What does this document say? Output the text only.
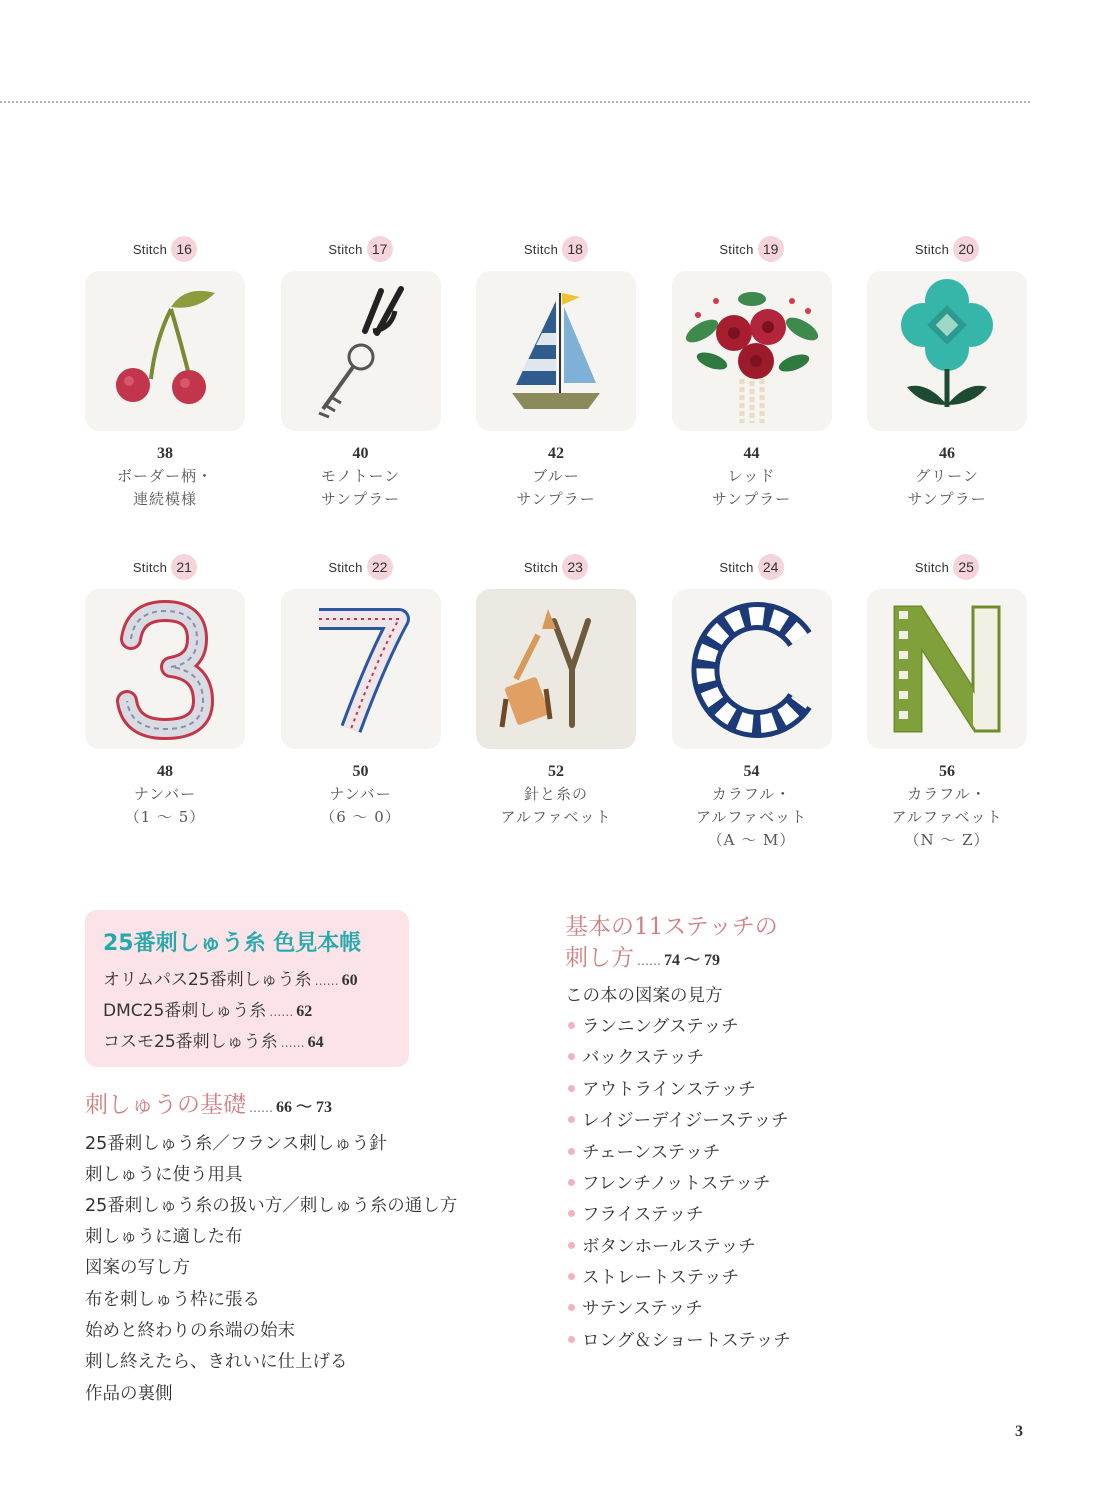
Stitch 16
38
ボーダー柄・
連続模様
Stitch 17
40
モノトーン
サンプラー
Stitch 18
42
ブルー
サンプラー
Stitch 19
44
レッド
サンプラー
Stitch 20
46
グリーン
サンプラー
Stitch 21
48
ナンバー
（1 ～ 5）
Stitch 22
50
ナンバー
（6 ～ 0）
Stitch 23
52
針と糸の
アルファベット
Stitch 24
54
カラフル・
アルファベット
（A ～ M）
Stitch 25
56
カラフル・
アルファベット
（N ～ Z）
25番刺しゅう糸 色見本帳
オリムパス25番刺しゅう糸 …… 60
DMC25番刺しゅう糸 …… 62
コスモ25番刺しゅう糸 …… 64
刺しゅうの基礎 …… 66 ～ 73
25番刺しゅう糸／フランス刺しゅう針
刺しゅうに使う用具
25番刺しゅう糸の扱い方／刺しゅう糸の通し方
刺しゅうに適した布
図案の写し方
布を刺しゅう枠に張る
始めと終わりの糸端の始末
刺し終えたら、きれいに仕上げる
作品の裏側
基本の11ステッチの
刺し方 …… 74 ～ 79
この本の図案の見方
ランニングステッチ
バックステッチ
アウトラインステッチ
レイジーデイジーステッチ
チェーンステッチ
フレンチノットステッチ
フライステッチ
ボタンホールステッチ
ストレートステッチ
サテンステッチ
ロング＆ショートステッチ
3
